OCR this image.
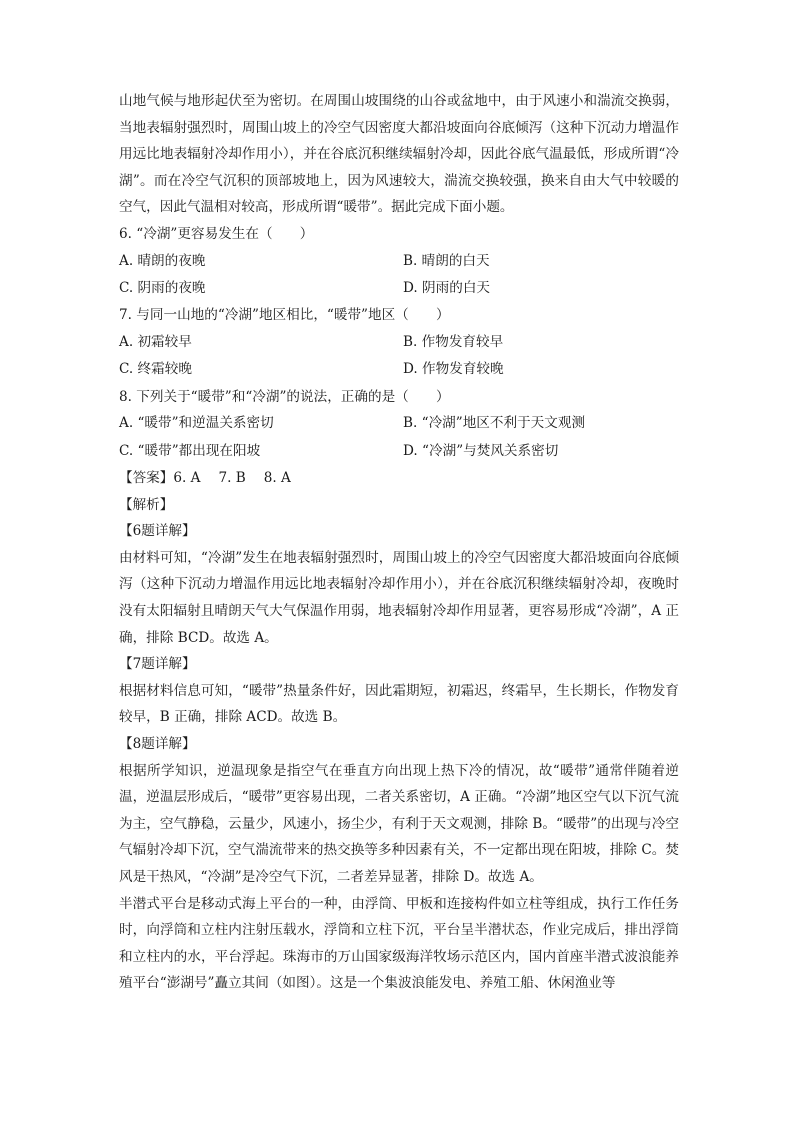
山地气候与地形起伏至为密切。在周围山坡围绕的山谷或盆地中，由于风速小和湍流交换弱，当地表辐射强烈时，周围山坡上的冷空气因密度大都沿坡面向谷底倾泻（这种下沉动力增温作用远比地表辐射冷却作用小），并在谷底沉积继续辐射冷却，因此谷底气温最低，形成所谓“冷湖”。而在冷空气沉积的顶部坡地上，因为风速较大，湍流交换较强，换来自由大气中较暖的空气，因此气温相对较高，形成所谓“暖带”。据此完成下面小题。

6. “冷湖”更容易发生在（　　）

A. 晴朗的夜晚	B. 晴朗的白天
C. 阴雨的夜晚	D. 阴雨的白天

7. 与同一山地的“冷湖”地区相比，“暖带”地区（　　）

A. 初霜较早	B. 作物发育较早
C. 终霜较晚	D. 作物发育较晚

8. 下列关于“暖带”和“冷湖”的说法，正确的是（　　）

A. “暖带”和逆温关系密切	B. “冷湖”地区不利于天文观测
C. “暖带”都出现在阳坡	D. “冷湖”与焚风关系密切

【答案】6. A 7. B 8. A

【解析】

【6题详解】

由材料可知，“冷湖”发生在地表辐射强烈时，周围山坡上的冷空气因密度大都沿坡面向谷底倾泻（这种下沉动力增温作用远比地表辐射冷却作用小），并在谷底沉积继续辐射冷却，夜晚时没有太阳辐射且晴朗天气大气保温作用弱，地表辐射冷却作用显著，更容易形成“冷湖”，A 正确，排除 BCD。故选 A。

【7题详解】

根据材料信息可知，“暖带”热量条件好，因此霜期短，初霜迟，终霜早，生长期长，作物发育较早，B 正确，排除 ACD。故选 B。

【8题详解】

根据所学知识，逆温现象是指空气在垂直方向出现上热下冷的情况，故“暖带”通常伴随着逆温，逆温层形成后，“暖带”更容易出现，二者关系密切，A 正确。“冷湖”地区空气以下沉气流为主，空气静稳，云量少，风速小，扬尘少，有利于天文观测，排除 B。“暖带”的出现与冷空气辐射冷却下沉，空气湍流带来的热交换等多种因素有关，不一定都出现在阳坡，排除 C。焚风是干热风，“冷湖”是冷空气下沉，二者差异显著，排除 D。故选 A。

半潜式平台是移动式海上平台的一种，由浮筒、甲板和连接构件如立柱等组成，执行工作任务时，向浮筒和立柱内注射压载水，浮筒和立柱下沉，平台呈半潜状态，作业完成后，排出浮筒和立柱内的水，平台浮起。珠海市的万山国家级海洋牧场示范区内，国内首座半潜式波浪能养殖平台“澎湖号”矗立其间（如图）。这是一个集波浪能发电、养殖工船、休闲渔业等
